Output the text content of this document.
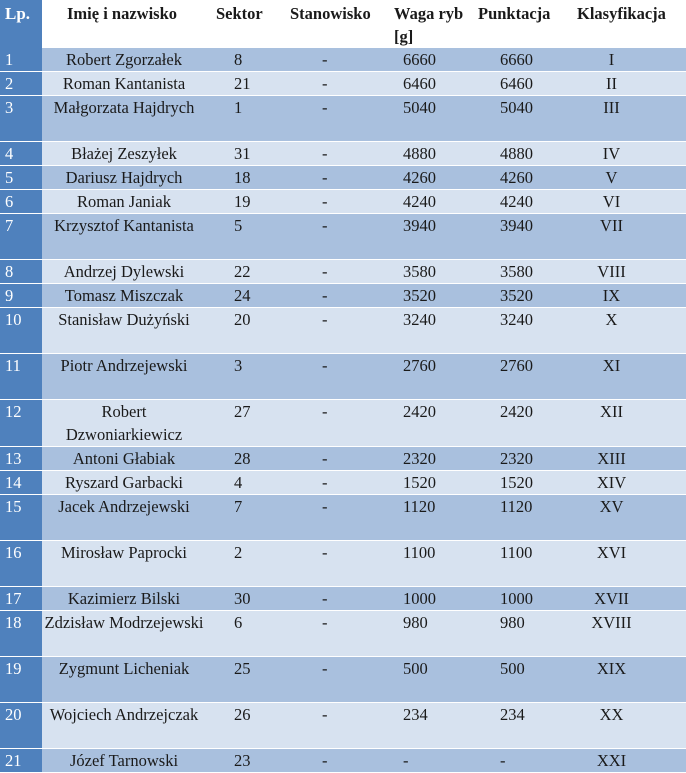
Lp.	Imię i nazwisko	Sektor	Stanowisko	Waga ryb [g]	Punktacja	Klasyfikacja
1	Robert Zgorzałek	8	-	6660	6660	I
2	Roman Kantanista	21	-	6460	6460	II
3	Małgorzata Hajdrych	1	-	5040	5040	III
4	Błażej Zeszyłek	31	-	4880	4880	IV
5	Dariusz Hajdrych	18	-	4260	4260	V
6	Roman Janiak	19	-	4240	4240	VI
7	Krzysztof Kantanista	5	-	3940	3940	VII
8	Andrzej Dylewski	22	-	3580	3580	VIII
9	Tomasz Miszczak	24	-	3520	3520	IX
10	Stanisław Dużyński	20	-	3240	3240	X
11	Piotr Andrzejewski	3	-	2760	2760	XI
12	Robert Dzwoniarkiewicz	27	-	2420	2420	XII
13	Antoni Głabiak	28	-	2320	2320	XIII
14	Ryszard Garbacki	4	-	1520	1520	XIV
15	Jacek Andrzejewski	7	-	1120	1120	XV
16	Mirosław Paprocki	2	-	1100	1100	XVI
17	Kazimierz Bilski	30	-	1000	1000	XVII
18	Zdzisław Modrzejewski	6	-	980	980	XVIII
19	Zygmunt Licheniak	25	-	500	500	XIX
20	Wojciech Andrzejczak	26	-	234	234	XX
21	Józef Tarnowski	23	-	-	-	XXI
